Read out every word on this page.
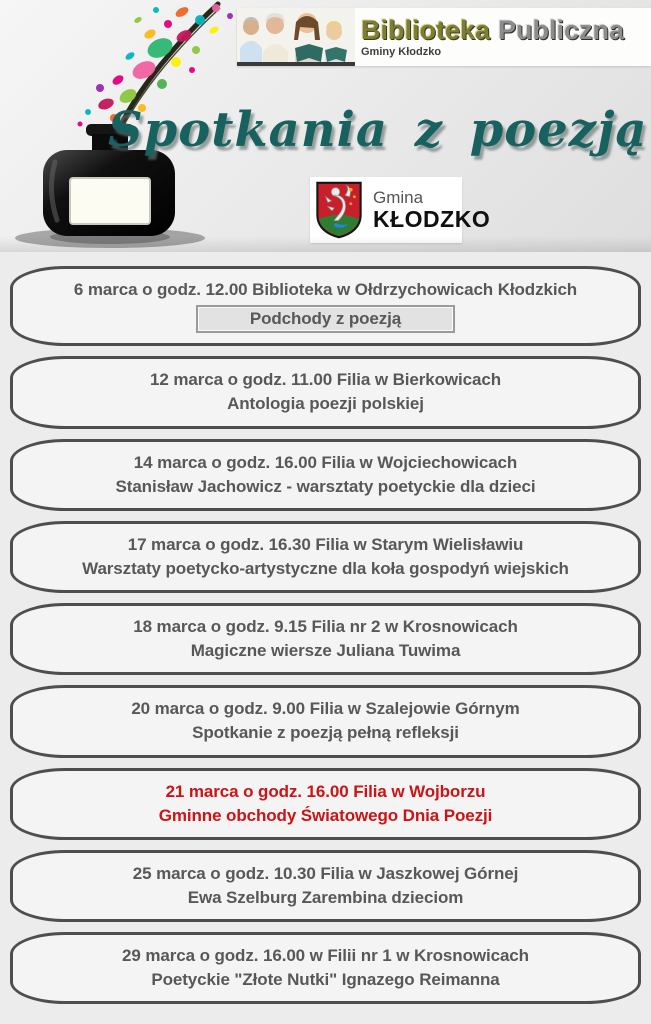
Biblioteka Publiczna
Gminy Kłodzko
Spotkania z poezją
Gmina
KŁODZKO
6 marca o godz. 12.00 Biblioteka w Ołdrzychowicach Kłodzkich
Podchody z poezją
12 marca o godz. 11.00 Filia w Bierkowicach
Antologia poezji polskiej
14 marca o godz. 16.00 Filia w Wojciechowicach
Stanisław Jachowicz - warsztaty poetyckie dla dzieci
17 marca o godz. 16.30 Filia w Starym Wielisławiu
Warsztaty poetycko-artystyczne dla koła gospodyń wiejskich
18 marca o godz. 9.15 Filia nr 2 w Krosnowicach
Magiczne wiersze Juliana Tuwima
20 marca o godz. 9.00 Filia w Szalejowie Górnym
Spotkanie z poezją pełną refleksji
21 marca o godz. 16.00 Filia w Wojborzu
Gminne obchody Światowego Dnia Poezji
25 marca o godz. 10.30 Filia w Jaszkowej Górnej
Ewa Szelburg Zarembina dzieciom
29 marca o godz. 16.00 w Filii nr 1 w Krosnowicach
Poetyckie "Złote Nutki" Ignazego Reimanna
